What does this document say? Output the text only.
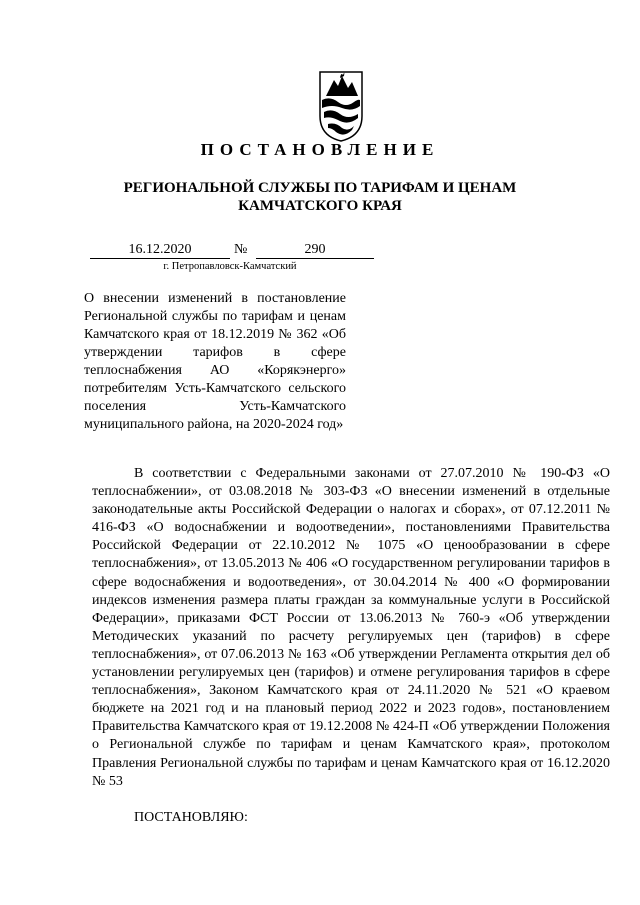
ПОСТАНОВЛЕНИЕ
РЕГИОНАЛЬНОЙ СЛУЖБЫ ПО ТАРИФАМ И ЦЕНАМ КАМЧАТСКОГО КРАЯ
16.12.2020	№	290
г. Петропавловск-Камчатский
О внесении изменений в постановление Региональной службы по тарифам и ценам Камчатского края от 18.12.2019 № 362 «Об утверждении тарифов в сфере теплоснабжения АО «Корякэнерго» потребителям Усть-Камчатского сельского поселения Усть-Камчатского муниципального района, на 2020-2024 год»
В соответствии с Федеральными законами от 27.07.2010 № 190-ФЗ «О теплоснабжении», от 03.08.2018 № 303-ФЗ «О внесении изменений в отдельные законодательные акты Российской Федерации о налогах и сборах», от 07.12.2011 № 416-ФЗ «О водоснабжении и водоотведении», постановлениями Правительства Российской Федерации от 22.10.2012 № 1075 «О ценообразовании в сфере теплоснабжения», от 13.05.2013 № 406 «О государственном регулировании тарифов в сфере водоснабжения и водоотведения», от 30.04.2014 № 400 «О формировании индексов изменения размера платы граждан за коммунальные услуги в Российской Федерации», приказами ФСТ России от 13.06.2013 № 760-э «Об утверждении Методических указаний по расчету регулируемых цен (тарифов) в сфере теплоснабжения», от 07.06.2013 № 163 «Об утверждении Регламента открытия дел об установлении регулируемых цен (тарифов) и отмене регулирования тарифов в сфере теплоснабжения», Законом Камчатского края от 24.11.2020 № 521 «О краевом бюджете на 2021 год и на плановый период 2022 и 2023 годов», постановлением Правительства Камчатского края от 19.12.2008 № 424-П «Об утверждении Положения о Региональной службе по тарифам и ценам Камчатского края», протоколом Правления Региональной службы по тарифам и ценам Камчатского края от 16.12.2020 № 53
ПОСТАНОВЛЯЮ:
